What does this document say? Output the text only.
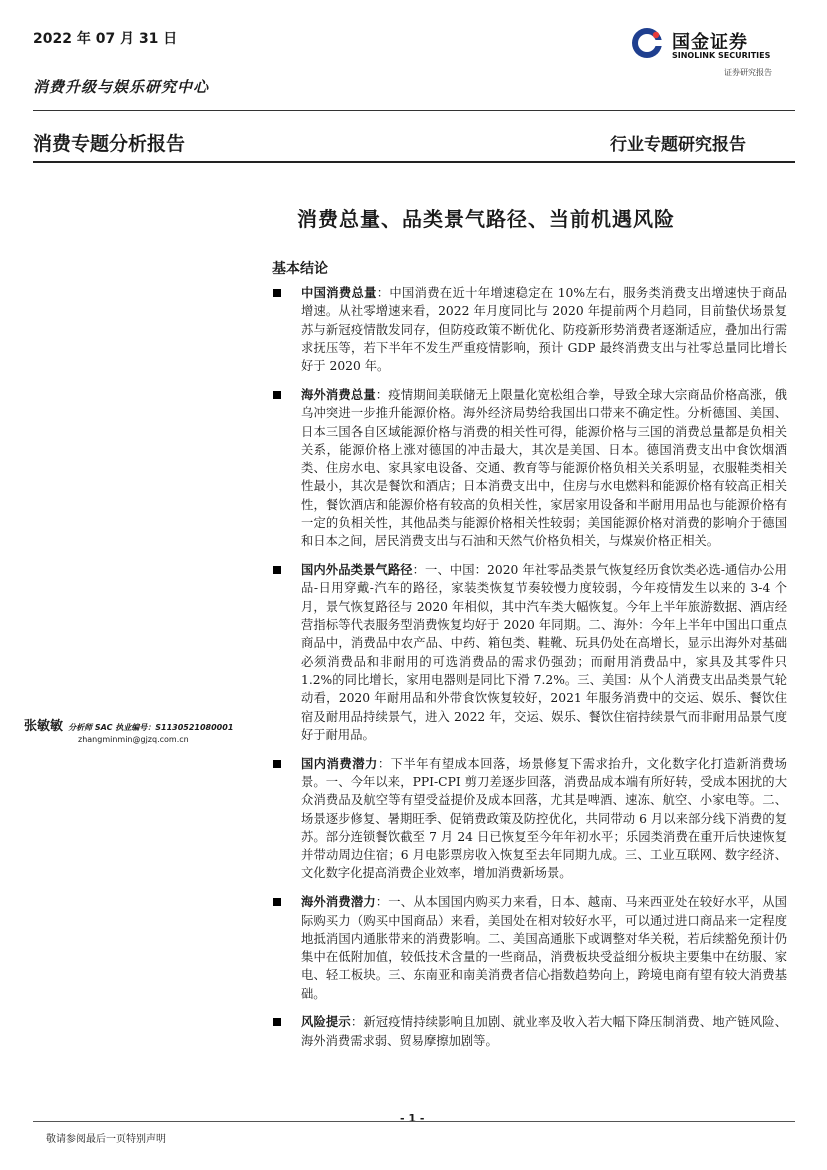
2022 年 07 月 31 日
消费升级与娱乐研究中心
国金证券
SINOLINK SECURITIES
证券研究报告
消费专题分析报告	行业专题研究报告
消费总量、品类景气路径、当前机遇风险
基本结论
张敏敏 分析师 SAC 执业编号：S1130521080001
zhangminmin@gjzq.com.cn
中国消费总量：中国消费在近十年增速稳定在 10%左右，服务类消费支出增速快于商品增速。从社零增速来看，2022 年月度同比与 2020 年提前两个月趋同，目前蛰伏场景复苏与新冠疫情散发同存，但防疫政策不断优化、防疫新形势消费者逐渐适应，叠加出行需求抚压等，若下半年不发生严重疫情影响，预计 GDP 最终消费支出与社零总量同比增长好于 2020 年。
海外消费总量：疫情期间美联储无上限量化宽松组合拳，导致全球大宗商品价格高涨，俄乌冲突进一步推升能源价格。海外经济局势给我国出口带来不确定性。分析德国、美国、日本三国各自区域能源价格与消费的相关性可得，能源价格与三国的消费总量都是负相关关系，能源价格上涨对德国的冲击最大，其次是美国、日本。德国消费支出中食饮烟酒类、住房水电、家具家电设备、交通、教育等与能源价格负相关关系明显，衣服鞋类相关性最小，其次是餐饮和酒店；日本消费支出中，住房与水电燃料和能源价格有较高正相关性，餐饮酒店和能源价格有较高的负相关性，家居家用设备和半耐用用品也与能源价格有一定的负相关性，其他品类与能源价格相关性较弱；美国能源价格对消费的影响介于德国和日本之间，居民消费支出与石油和天然气价格负相关，与煤炭价格正相关。
国内外品类景气路径：一、中国：2020 年社零品类景气恢复经历食饮类必选-通信办公用品-日用穿戴-汽车的路径，家装类恢复节奏较慢力度较弱，今年疫情发生以来的 3-4 个月，景气恢复路径与 2020 年相似，其中汽车类大幅恢复。今年上半年旅游数据、酒店经营指标等代表服务型消费恢复均好于 2020 年同期。二、海外：今年上半年中国出口重点商品中，消费品中农产品、中药、箱包类、鞋靴、玩具仍处在高增长，显示出海外对基础必须消费品和非耐用的可选消费品的需求仍强劲；而耐用消费品中，家具及其零件只 1.2%的同比增长，家用电器则是同比下滑 7.2%。三、美国：从个人消费支出品类景气轮动看，2020 年耐用品和外带食饮恢复较好，2021 年服务消费中的交运、娱乐、餐饮住宿及耐用品持续景气，进入 2022 年，交运、娱乐、餐饮住宿持续景气而非耐用品景气度好于耐用品。
国内消费潜力：下半年有望成本回落，场景修复下需求抬升，文化数字化打造新消费场景。一、今年以来，PPI-CPI 剪刀差逐步回落，消费品成本端有所好转，受成本困扰的大众消费品及航空等有望受益提价及成本回落，尤其是啤酒、速冻、航空、小家电等。二、场景逐步修复、暑期旺季、促销费政策及防控优化，共同带动 6 月以来部分线下消费的复苏。部分连锁餐饮截至 7 月 24 日已恢复至今年年初水平；乐园类消费在重开后快速恢复并带动周边住宿；6 月电影票房收入恢复至去年同期九成。三、工业互联网、数字经济、文化数字化提高消费企业效率，增加消费新场景。
海外消费潜力：一、从本国国内购买力来看，日本、越南、马来西亚处在较好水平，从国际购买力（购买中国商品）来看，美国处在相对较好水平，可以通过进口商品来一定程度地抵消国内通胀带来的消费影响。二、美国高通胀下或调整对华关税，若后续豁免预计仍集中在低附加值，较低技术含量的一些商品，消费板块受益细分板块主要集中在纺服、家电、轻工板块。三、东南亚和南美消费者信心指数趋势向上，跨境电商有望有较大消费基础。
风险提示：新冠疫情持续影响且加剧、就业率及收入若大幅下降压制消费、地产链风险、海外消费需求弱、贸易摩擦加剧等。
- 1 -
敬请参阅最后一页特别声明
